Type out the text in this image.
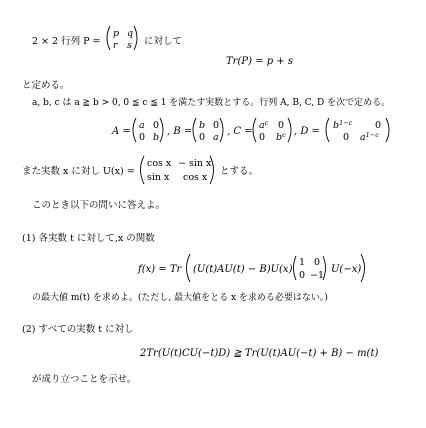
2 × 2 行列 P =
p q
r s に対して
Tr(P) = p + s
と定める。
a, b, c は a ≧ b > 0, 0 ≦ c ≦ 1 を満たす実数とする。行列 A, B, C, D を次で定める。
A =
a 0
0 b
, B =
b 0
0 a
, C =
$a^c$ 0
0 $b^c$ , D =
$b^{1-c}$ 0
0 $a^{1-c}$
また実数 x に対し U(x) =
cos x − sin x
sin x cos x
とする。
このとき以下の問いに答えよ。
(1) 各実数 t に対して,x の関数
f(x) = Tr (U(t)AU(t) − B)U(x)
1 0
0 −1
U(−x)
の最大値 m(t) を求めよ。(ただし, 最大値をとる x を求める必要はない。)
(2) すべての実数 t に対し
2Tr(U(t)CU(−t)D) ≧ Tr(U(t)AU(−t) + B) − m(t)
が成り立つことを示せ。
